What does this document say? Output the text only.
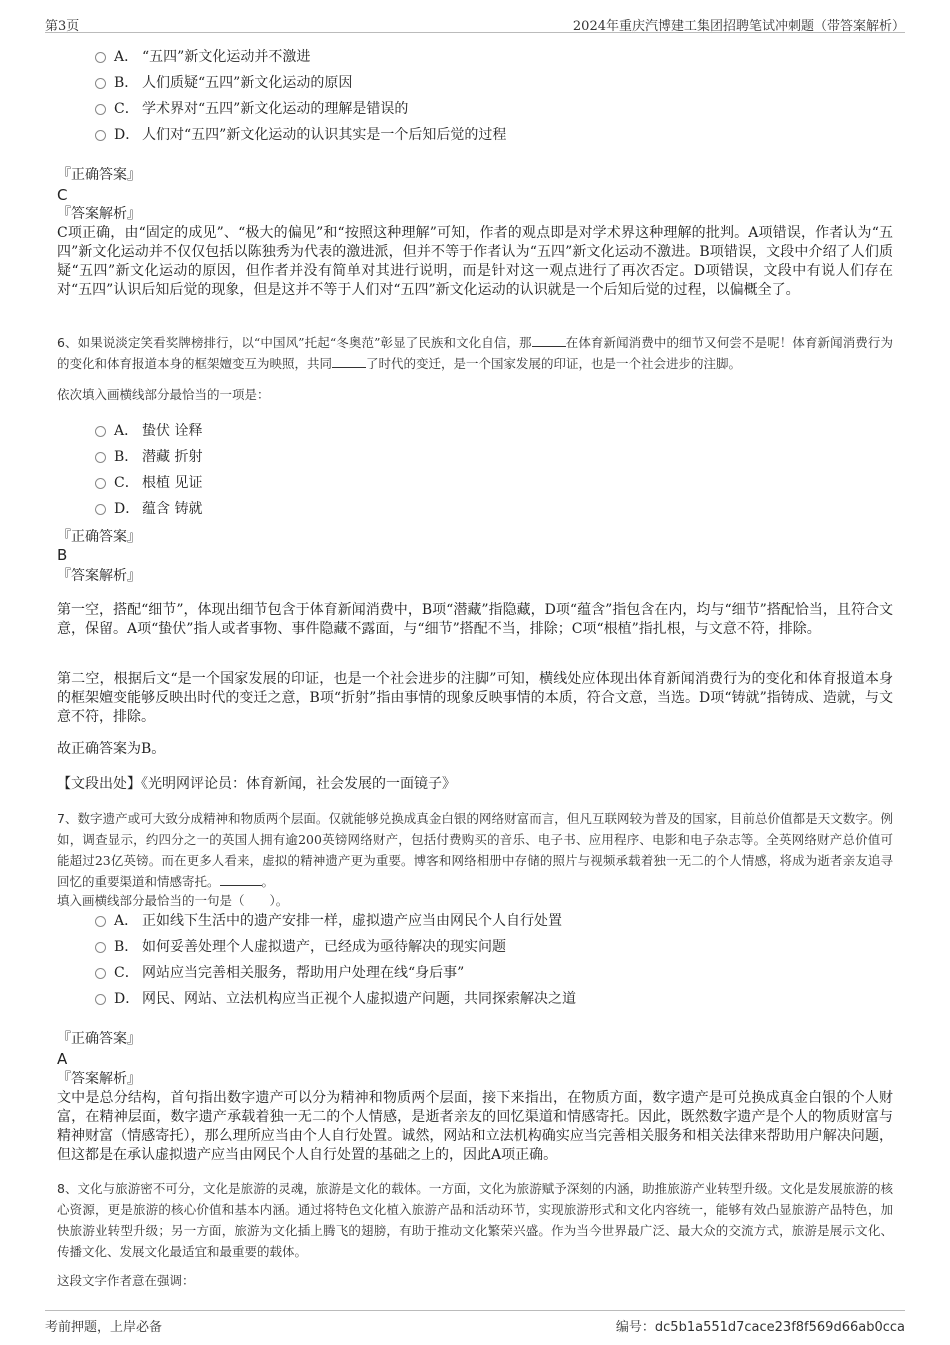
第3页	2024年重庆汽博建工集团招聘笔试冲刺题（带答案解析）
A． “五四”新文化运动并不激进
B． 人们质疑“五四”新文化运动的原因
C． 学术界对“五四”新文化运动的理解是错误的
D． 人们对“五四”新文化运动的认识其实是一个后知后觉的过程
『正确答案』
C
『答案解析』
C项正确，由“固定的成见”、“极大的偏见”和“按照这种理解”可知，作者的观点即是对学术界这种理解的批判。A项错误，作者认为“五四”新文化运动并不仅仅包括以陈独秀为代表的激进派，但并不等于作者认为“五四”新文化运动不激进。B项错误，文段中介绍了人们质疑“五四”新文化运动的原因，但作者并没有简单对其进行说明，而是针对这一观点进行了再次否定。D项错误，文段中有说人们存在对“五四”认识后知后觉的现象，但是这并不等于人们对“五四”新文化运动的认识就是一个后知后觉的过程，以偏概全了。
6、如果说淡定笑看奖牌榜排行，以“中国风”托起“冬奥范”彰显了民族和文化自信，那	在体育新闻消费中的细节又何尝不是呢！体育新闻消费行为的变化和体育报道本身的框架嬗变互为映照，共同	了时代的变迁，是一个国家发展的印证，也是一个社会进步的注脚。
依次填入画横线部分最恰当的一项是：
A． 蛰伏 诠释
B． 潜藏 折射
C． 根植 见证
D． 蕴含 铸就
『正确答案』
B
『答案解析』
第一空，搭配“细节”，体现出细节包含于体育新闻消费中，B项“潜藏”指隐藏，D项“蕴含”指包含在内，均与“细节”搭配恰当，且符合文意，保留。A项“蛰伏”指人或者事物、事件隐藏不露面，与“细节”搭配不当，排除；C项“根植”指扎根，与文意不符，排除。
第二空，根据后文“是一个国家发展的印证，也是一个社会进步的注脚”可知，横线处应体现出体育新闻消费行为的变化和体育报道本身的框架嬗变能够反映出时代的变迁之意，B项“折射”指由事情的现象反映事情的本质，符合文意，当选。D项“铸就”指铸成、造就，与文意不符，排除。
故正确答案为B。
【文段出处】《光明网评论员：体育新闻，社会发展的一面镜子》
7、数字遗产或可大致分成精神和物质两个层面。仅就能够兑换成真金白银的网络财富而言，但凡互联网较为普及的国家，目前总价值都是天文数字。例如，调查显示，约四分之一的英国人拥有逾200英镑网络财产，包括付费购买的音乐、电子书、应用程序、电影和电子杂志等。全英网络财产总价值可能超过23亿英镑。而在更多人看来，虚拟的精神遗产更为重要。博客和网络相册中存储的照片与视频承载着独一无二的个人情感，将成为逝者亲友追寻回忆的重要渠道和情感寄托。	。
填入画横线部分最恰当的一句是（　　）。
A． 正如线下生活中的遗产安排一样，虚拟遗产应当由网民个人自行处置
B． 如何妥善处理个人虚拟遗产，已经成为亟待解决的现实问题
C． 网站应当完善相关服务，帮助用户处理在线“身后事”
D． 网民、网站、立法机构应当正视个人虚拟遗产问题，共同探索解决之道
『正确答案』
A
『答案解析』
文中是总分结构，首句指出数字遗产可以分为精神和物质两个层面，接下来指出，在物质方面，数字遗产是可兑换成真金白银的个人财富，在精神层面，数字遗产承载着独一无二的个人情感，是逝者亲友的回忆渠道和情感寄托。因此，既然数字遗产是个人的物质财富与精神财富（情感寄托），那么理所应当由个人自行处置。诚然，网站和立法机构确实应当完善相关服务和相关法律来帮助用户解决问题，但这都是在承认虚拟遗产应当由网民个人自行处置的基础之上的，因此A项正确。
8、文化与旅游密不可分，文化是旅游的灵魂，旅游是文化的载体。一方面，文化为旅游赋予深刻的内涵，助推旅游产业转型升级。文化是发展旅游的核心资源，更是旅游的核心价值和基本内涵。通过将特色文化植入旅游产品和活动环节，实现旅游形式和文化内容统一，能够有效凸显旅游产品特色，加快旅游业转型升级；另一方面，旅游为文化插上腾飞的翅膀，有助于推动文化繁荣兴盛。作为当今世界最广泛、最大众的交流方式，旅游是展示文化、传播文化、发展文化最适宜和最重要的载体。
这段文字作者意在强调：
考前押题，上岸必备	编号：dc5b1a551d7cace23f8f569d66ab0cca
